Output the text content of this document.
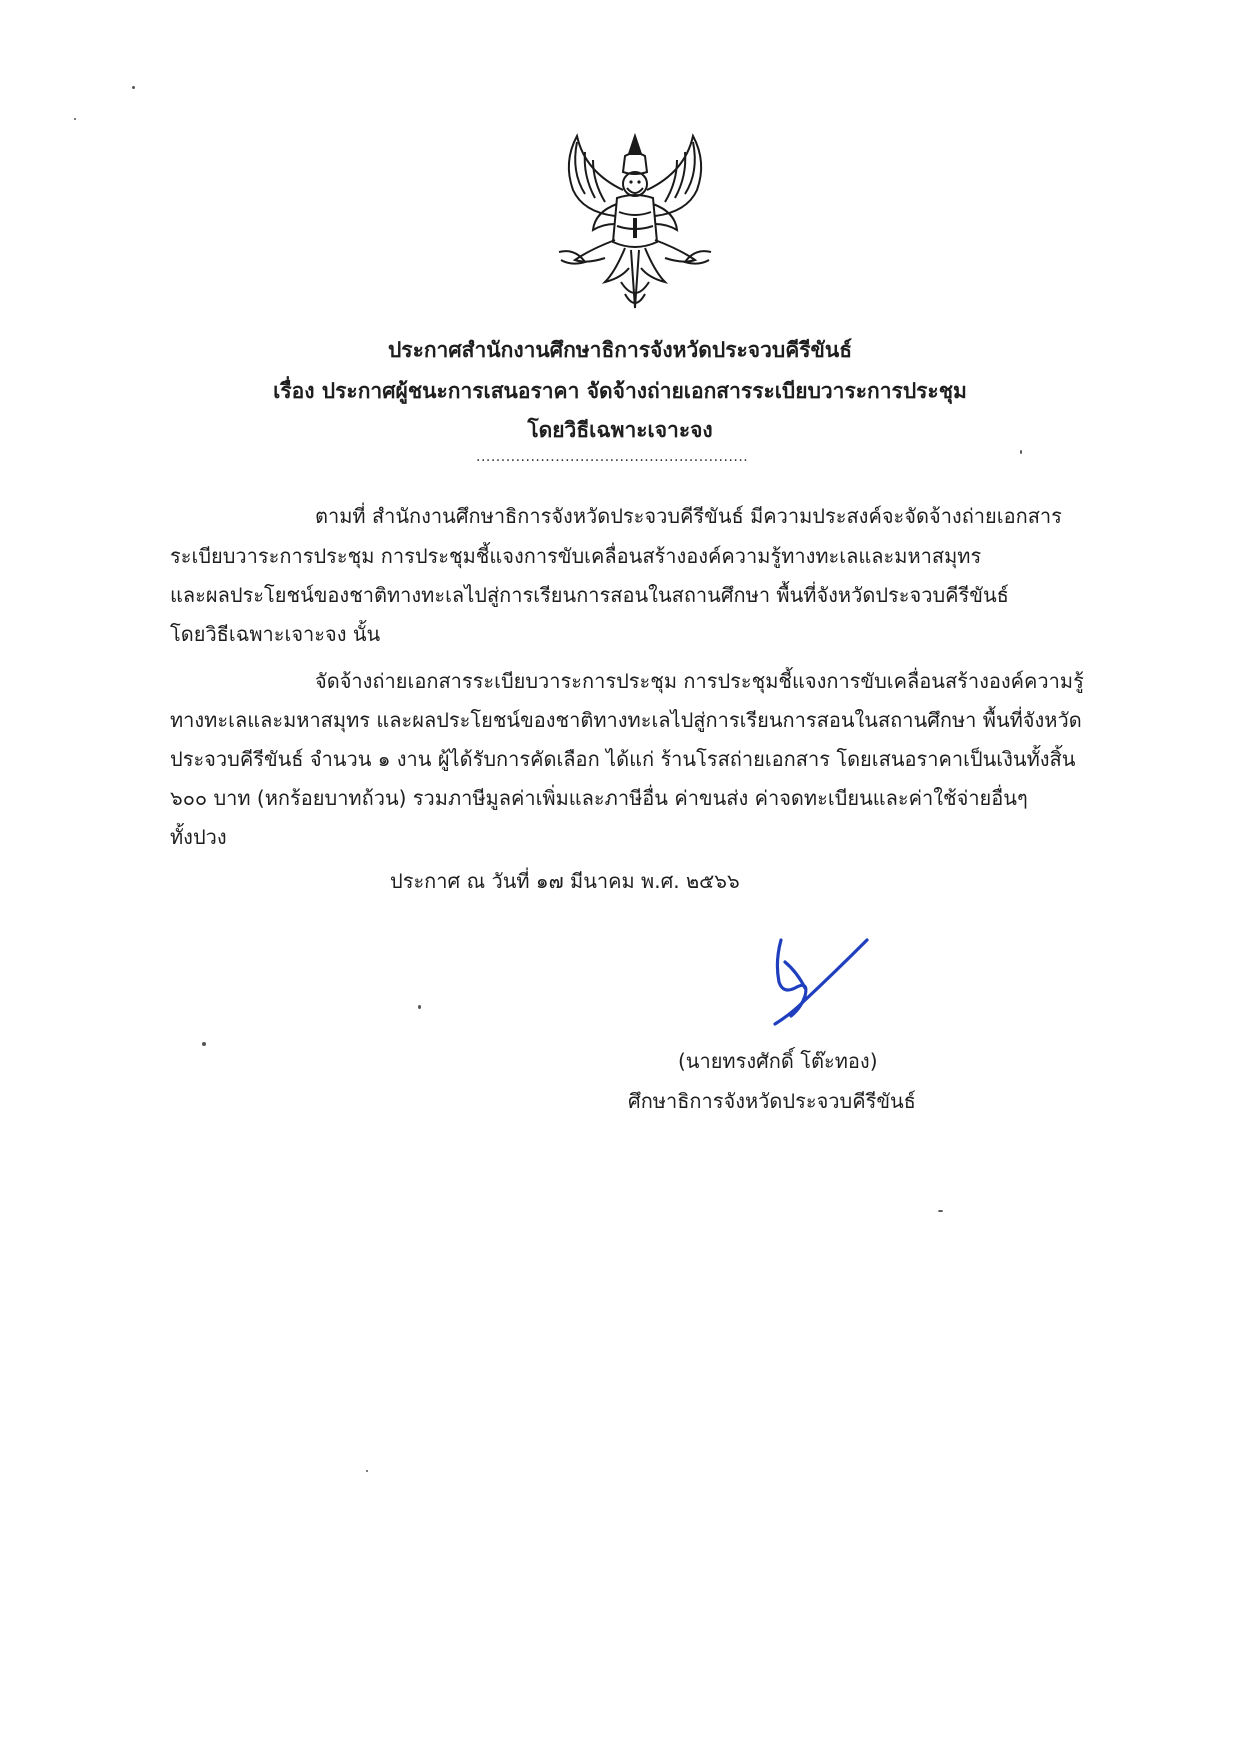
ประกาศสำนักงานศึกษาธิการจังหวัดประจวบคีรีขันธ์
เรื่อง ประกาศผู้ชนะการเสนอราคา จัดจ้างถ่ายเอกสารระเบียบวาระการประชุม
โดยวิธีเฉพาะเจาะจง
.......................................................
ตามที่ สำนักงานศึกษาธิการจังหวัดประจวบคีรีขันธ์ มีความประสงค์จะจัดจ้างถ่ายเอกสาร
ระเบียบวาระการประชุม การประชุมชี้แจงการขับเคลื่อนสร้างองค์ความรู้ทางทะเลและมหาสมุทร
และผลประโยชน์ของชาติทางทะเลไปสู่การเรียนการสอนในสถานศึกษา พื้นที่จังหวัดประจวบคีรีขันธ์
โดยวิธีเฉพาะเจาะจง นั้น
จัดจ้างถ่ายเอกสารระเบียบวาระการประชุม การประชุมชี้แจงการขับเคลื่อนสร้างองค์ความรู้
ทางทะเลและมหาสมุทร และผลประโยชน์ของชาติทางทะเลไปสู่การเรียนการสอนในสถานศึกษา พื้นที่จังหวัด
ประจวบคีรีขันธ์ จำนวน ๑ งาน ผู้ได้รับการคัดเลือก ได้แก่ ร้านโรสถ่ายเอกสาร โดยเสนอราคาเป็นเงินทั้งสิ้น
๖๐๐ บาท (หกร้อยบาทถ้วน) รวมภาษีมูลค่าเพิ่มและภาษีอื่น ค่าขนส่ง ค่าจดทะเบียนและค่าใช้จ่ายอื่นๆ
ทั้งปวง
ประกาศ ณ วันที่ ๑๗ มีนาคม พ.ศ. ๒๕๖๖
(นายทรงศักดิ์ โต๊ะทอง)
ศึกษาธิการจังหวัดประจวบคีรีขันธ์
